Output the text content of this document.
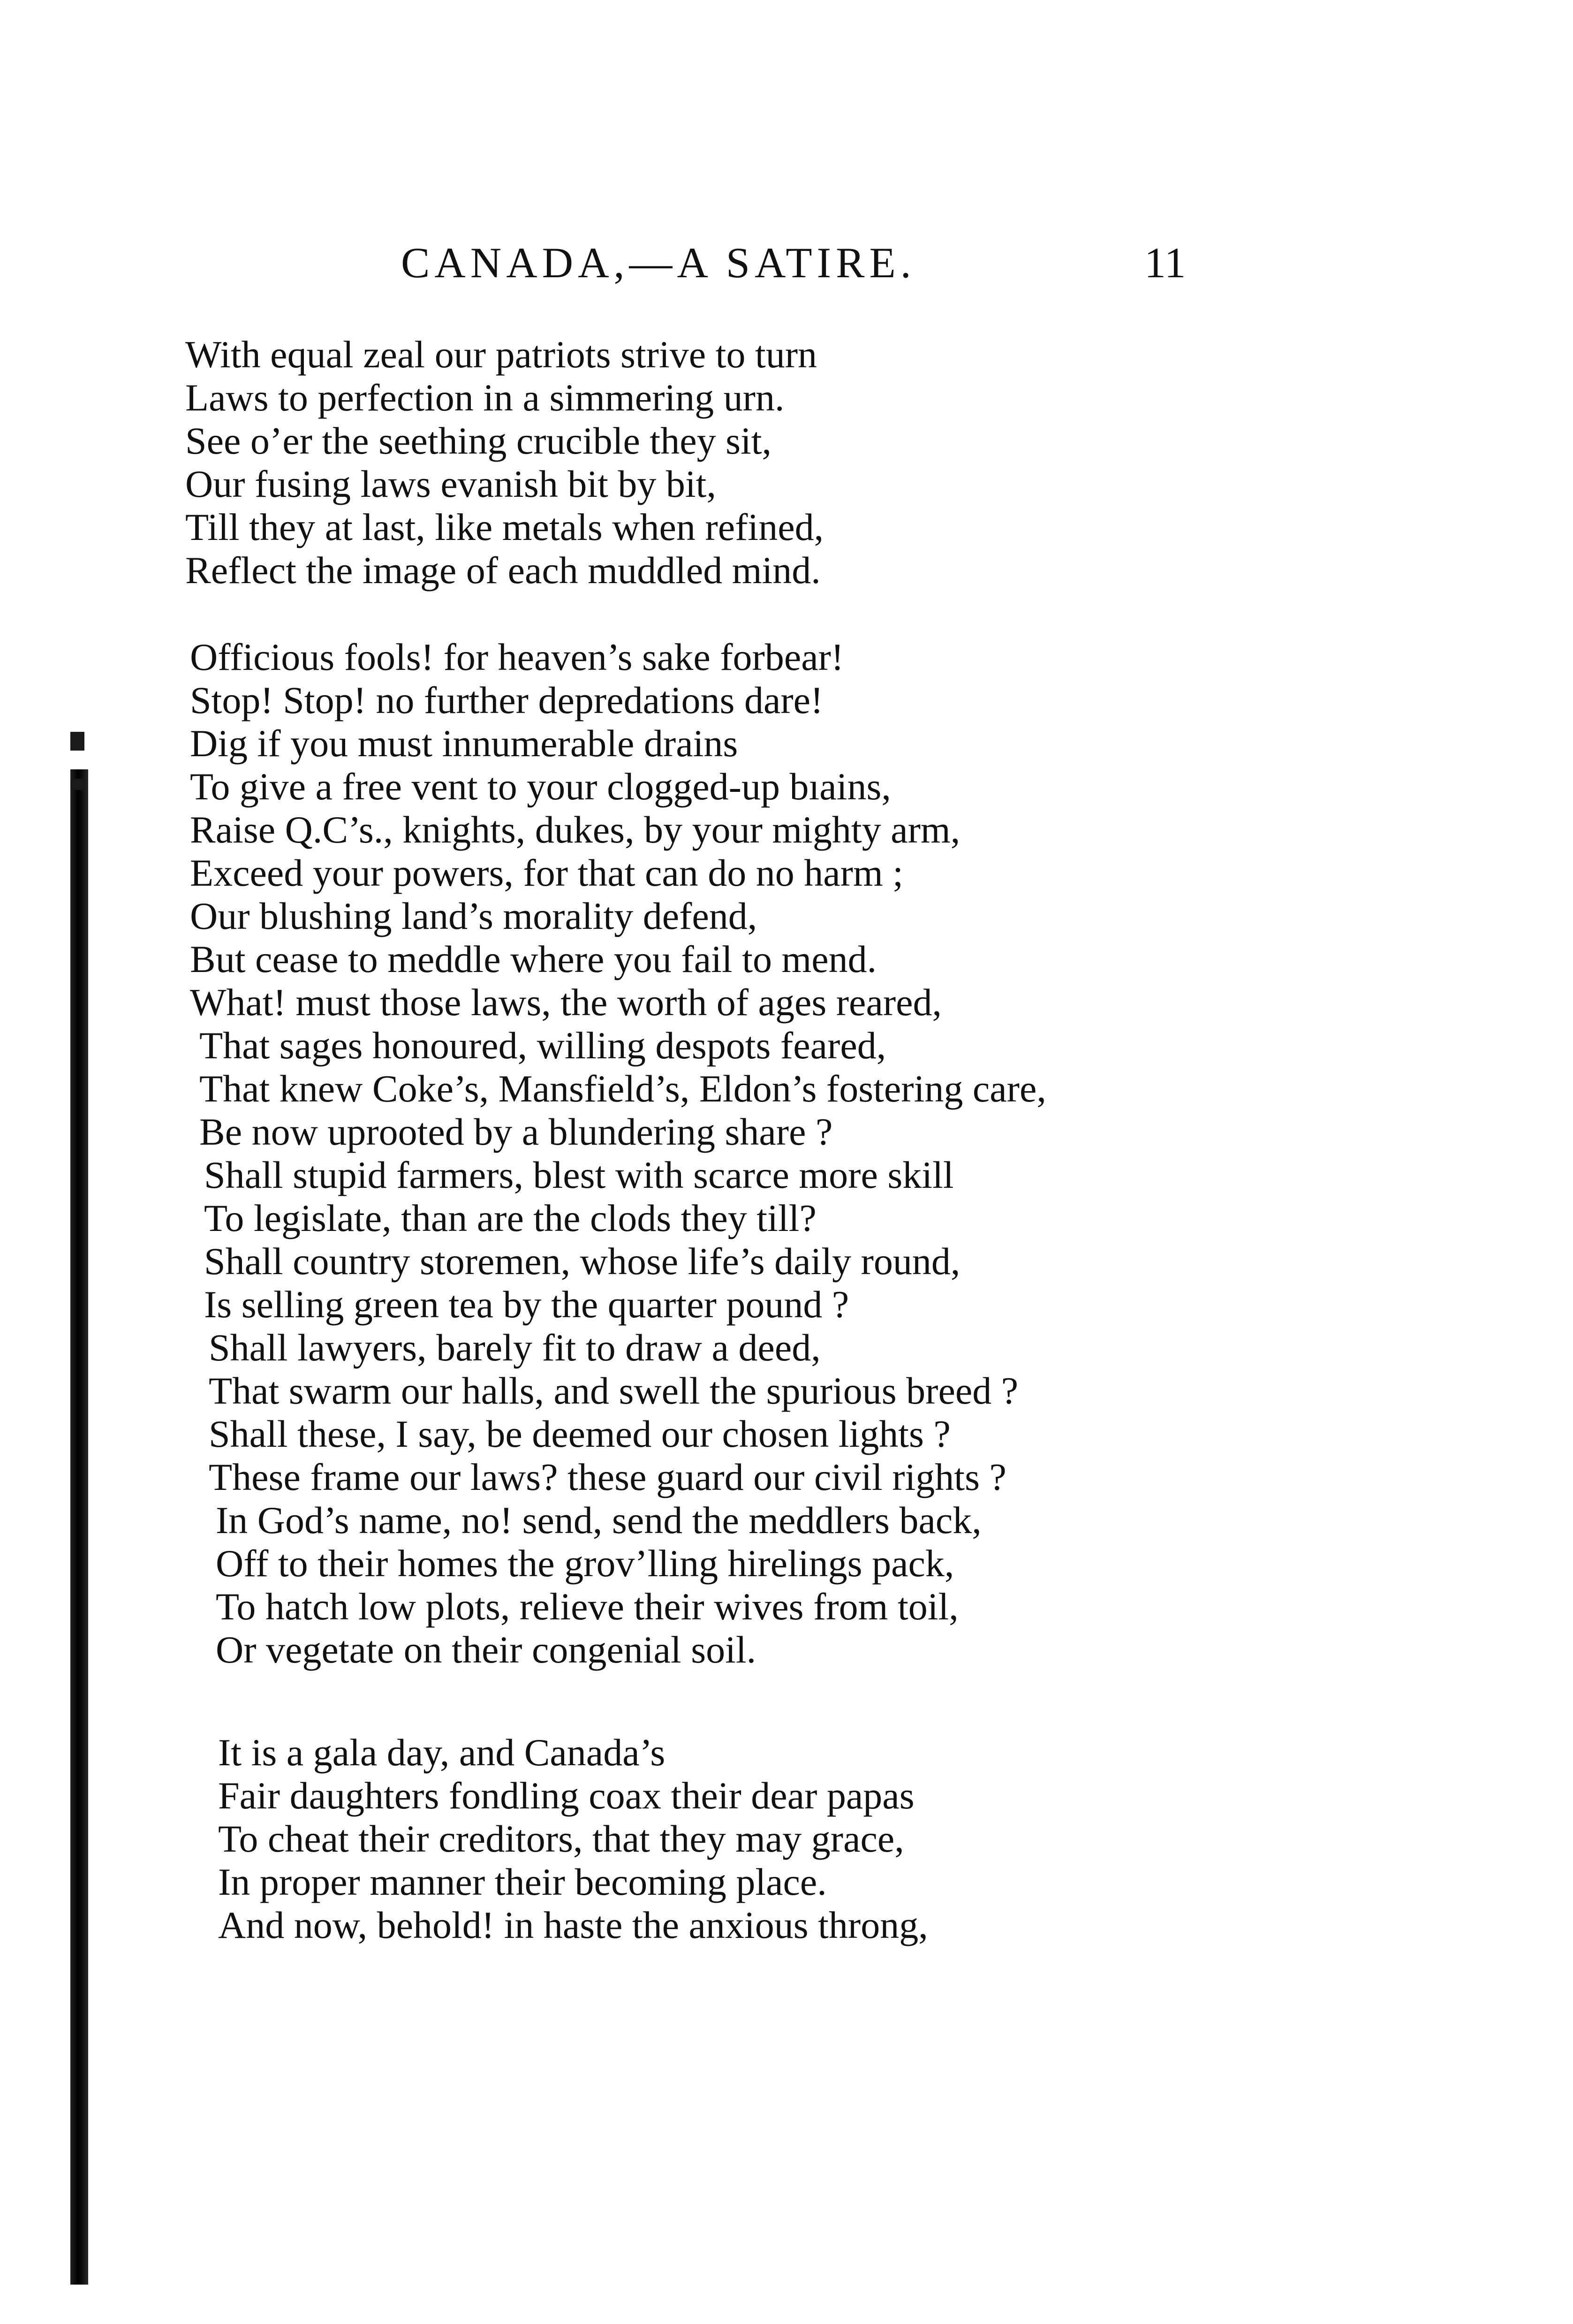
CANADA,—A SATIRE.	11
With equal zeal our patriots strive to turn
Laws to perfection in a simmering urn.
See o’er the seething crucible they sit,
Our fusing laws evanish bit by bit,
Till they at last, like metals when refined,
Reflect the image of each muddled mind.
Officious fools! for heaven’s sake forbear!
Stop! Stop! no further depredations dare!
Dig if you must innumerable drains
To give a free vent to your clogged-up bıains,
Raise Q.C’s., knights, dukes, by your mighty arm,
Exceed your powers, for that can do no harm ;
Our blushing land’s morality defend,
But cease to meddle where you fail to mend.
What! must those laws, the worth of ages reared,
That sages honoured, willing despots feared,
That knew Coke’s, Mansfield’s, Eldon’s fostering care,
Be now uprooted by a blundering share ?
Shall stupid farmers, blest with scarce more skill
To legislate, than are the clods they till?
Shall country storemen, whose life’s daily round,
Is selling green tea by the quarter pound ?
Shall lawyers, barely fit to draw a deed,
That swarm our halls, and swell the spurious breed ?
Shall these, I say, be deemed our chosen lights ?
These frame our laws? these guard our civil rights ?
In God’s name, no! send, send the meddlers back,
Off to their homes the grov’lling hirelings pack,
To hatch low plots, relieve their wives from toil,
Or vegetate on their congenial soil.
It is a gala day, and Canada’s
Fair daughters fondling coax their dear papas
To cheat their creditors, that they may grace,
In proper manner their becoming place.
And now, behold! in haste the anxious throng,
